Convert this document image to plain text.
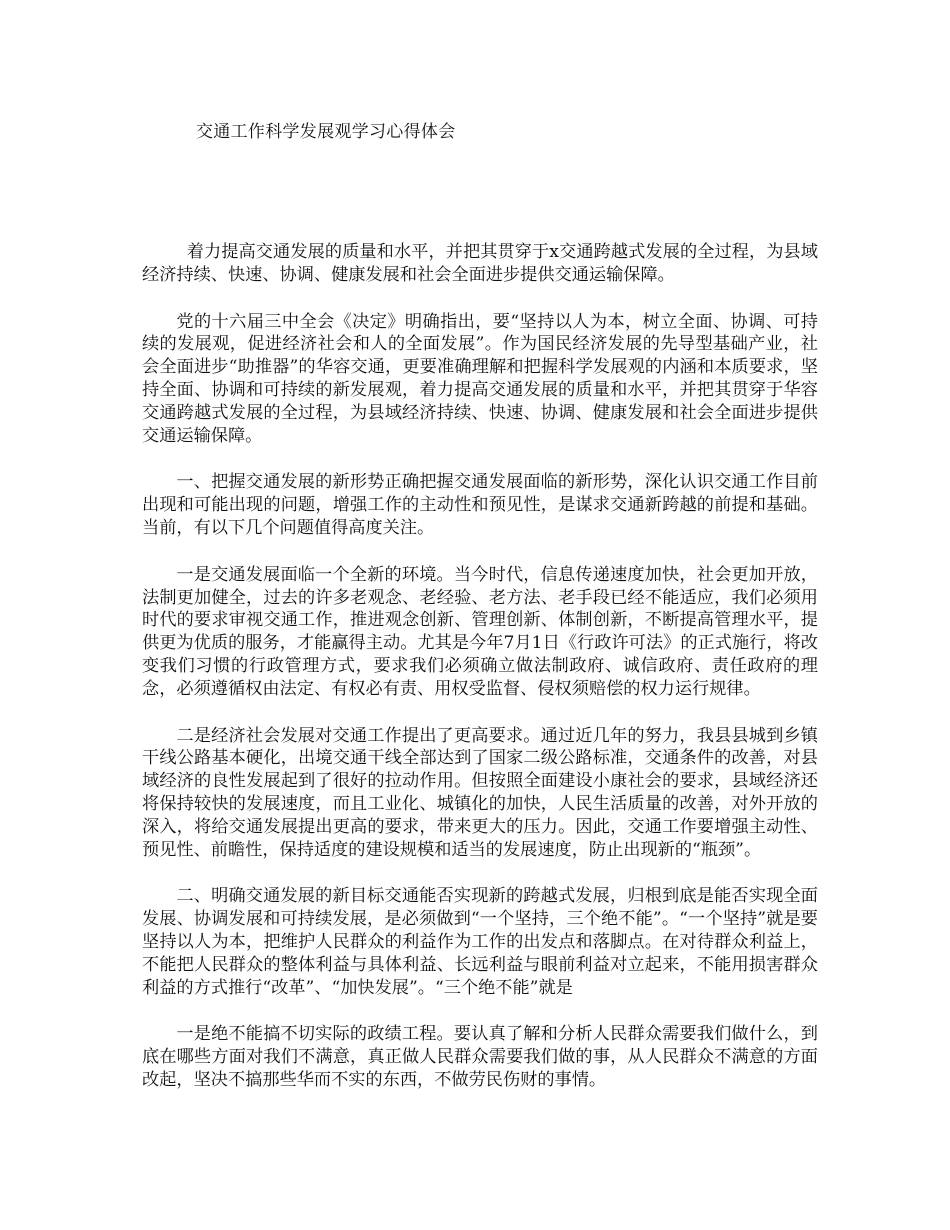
交通工作科学发展观学习心得体会

着力提高交通发展的质量和水平，并把其贯穿于x交通跨越式发展的全过程，为县域经济持续、快速、协调、健康发展和社会全面进步提供交通运输保障。

党的十六届三中全会《决定》明确指出，要“坚持以人为本，树立全面、协调、可持续的发展观，促进经济社会和人的全面发展”。作为国民经济发展的先导型基础产业，社会全面进步“助推器”的华容交通，更要准确理解和把握科学发展观的内涵和本质要求，坚持全面、协调和可持续的新发展观，着力提高交通发展的质量和水平，并把其贯穿于华容交通跨越式发展的全过程，为县域经济持续、快速、协调、健康发展和社会全面进步提供交通运输保障。

一、把握交通发展的新形势正确把握交通发展面临的新形势，深化认识交通工作目前出现和可能出现的问题，增强工作的主动性和预见性，是谋求交通新跨越的前提和基础。当前，有以下几个问题值得高度关注。

一是交通发展面临一个全新的环境。当今时代，信息传递速度加快，社会更加开放，法制更加健全，过去的许多老观念、老经验、老方法、老手段已经不能适应，我们必须用时代的要求审视交通工作，推进观念创新、管理创新、体制创新，不断提高管理水平，提供更为优质的服务，才能赢得主动。尤其是今年7月1日《行政许可法》的正式施行，将改变我们习惯的行政管理方式，要求我们必须确立做法制政府、诚信政府、责任政府的理念，必须遵循权由法定、有权必有责、用权受监督、侵权须赔偿的权力运行规律。

二是经济社会发展对交通工作提出了更高要求。通过近几年的努力，我县县城到乡镇干线公路基本硬化，出境交通干线全部达到了国家二级公路标准，交通条件的改善，对县域经济的良性发展起到了很好的拉动作用。但按照全面建设小康社会的要求，县域经济还将保持较快的发展速度，而且工业化、城镇化的加快，人民生活质量的改善，对外开放的深入，将给交通发展提出更高的要求，带来更大的压力。因此，交通工作要增强主动性、预见性、前瞻性，保持适度的建设规模和适当的发展速度，防止出现新的“瓶颈”。

二、明确交通发展的新目标交通能否实现新的跨越式发展，归根到底是能否实现全面发展、协调发展和可持续发展，是必须做到“一个坚持，三个绝不能”。“一个坚持”就是要坚持以人为本，把维护人民群众的利益作为工作的出发点和落脚点。在对待群众利益上，不能把人民群众的整体利益与具体利益、长远利益与眼前利益对立起来，不能用损害群众利益的方式推行“改革”、“加快发展”。“三个绝不能”就是

一是绝不能搞不切实际的政绩工程。要认真了解和分析人民群众需要我们做什么，到底在哪些方面对我们不满意，真正做人民群众需要我们做的事，从人民群众不满意的方面改起，坚决不搞那些华而不实的东西，不做劳民伤财的事情。
